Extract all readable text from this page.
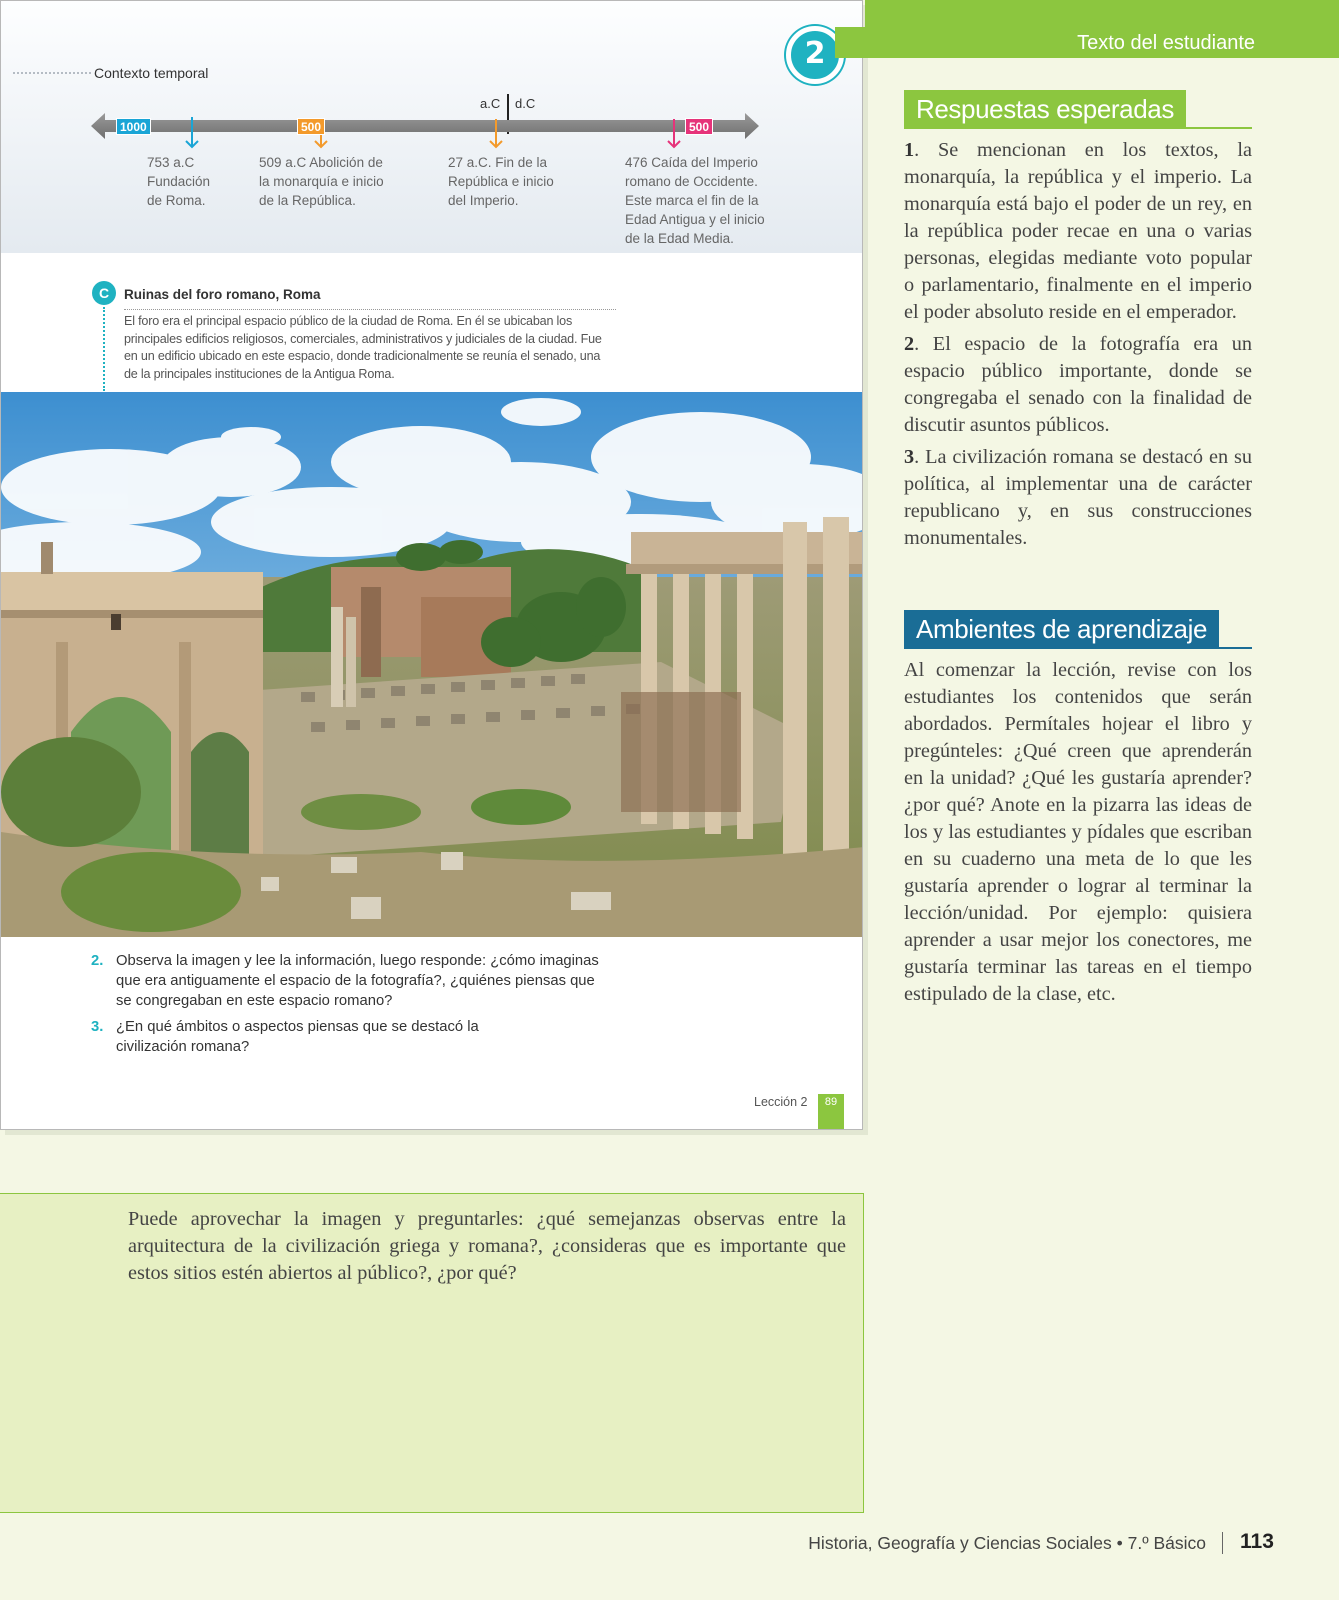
2
Contexto temporal
a.C d.C
1000	500	500
753 a.C
Fundación
de Roma.
509 a.C Abolición de
la monarquía e inicio
de la República.
27 a.C. Fin de la
República e inicio
del Imperio.
476 Caída del Imperio
romano de Occidente.
Este marca el fin de la
Edad Antigua y el inicio
de la Edad Media.
C	Ruinas del foro romano, Roma
El foro era el principal espacio público de la ciudad de Roma. En él se ubicaban los principales edificios religiosos, comerciales, administrativos y judiciales de la ciudad. Fue en un edificio ubicado en este espacio, donde tradicionalmente se reunía el senado, una de la principales instituciones de la Antigua Roma.
2. Observa la imagen y lee la información, luego responde: ¿cómo imaginas que era antiguamente el espacio de la fotografía?, ¿quiénes piensas que se congregaban en este espacio romano?
3. ¿En qué ámbitos o aspectos piensas que se destacó la civilización romana?
Lección 2	89
Texto del estudiante
Respuestas esperadas

1. Se mencionan en los textos, la monarquía, la república y el imperio. La monarquía está bajo el poder de un rey, en la república poder recae en una o varias personas, elegidas mediante voto popular o parlamentario, finalmente en el imperio el poder absoluto reside en el emperador.

2. El espacio de la fotografía era un espacio público importante, donde se congregaba el senado con la finalidad de discutir asuntos públicos.

3. La civilización romana se destacó en su política, al implementar una de carácter republicano y, en sus construcciones monumentales.

Ambientes de aprendizaje
Al comenzar la lección, revise con los estudiantes los contenidos que serán abordados. Permítales hojear el libro y pregúnteles: ¿Qué creen que aprenderán en la unidad? ¿Qué les gustaría aprender? ¿por qué? Anote en la pizarra las ideas de los y las estudiantes y pídales que escriban en su cuaderno una meta de lo que les gustaría aprender o lograr al terminar la lección/unidad. Por ejemplo: quisiera aprender a usar mejor los conectores, me gustaría terminar las tareas en el tiempo estipulado de la clase, etc.
Puede aprovechar la imagen y preguntarles: ¿qué semejanzas observas entre la arquitectura de la civilización griega y romana?, ¿consideras que es importante que estos sitios estén abiertos al público?, ¿por qué?
Historia, Geografía y Ciencias Sociales • 7.º Básico 113
